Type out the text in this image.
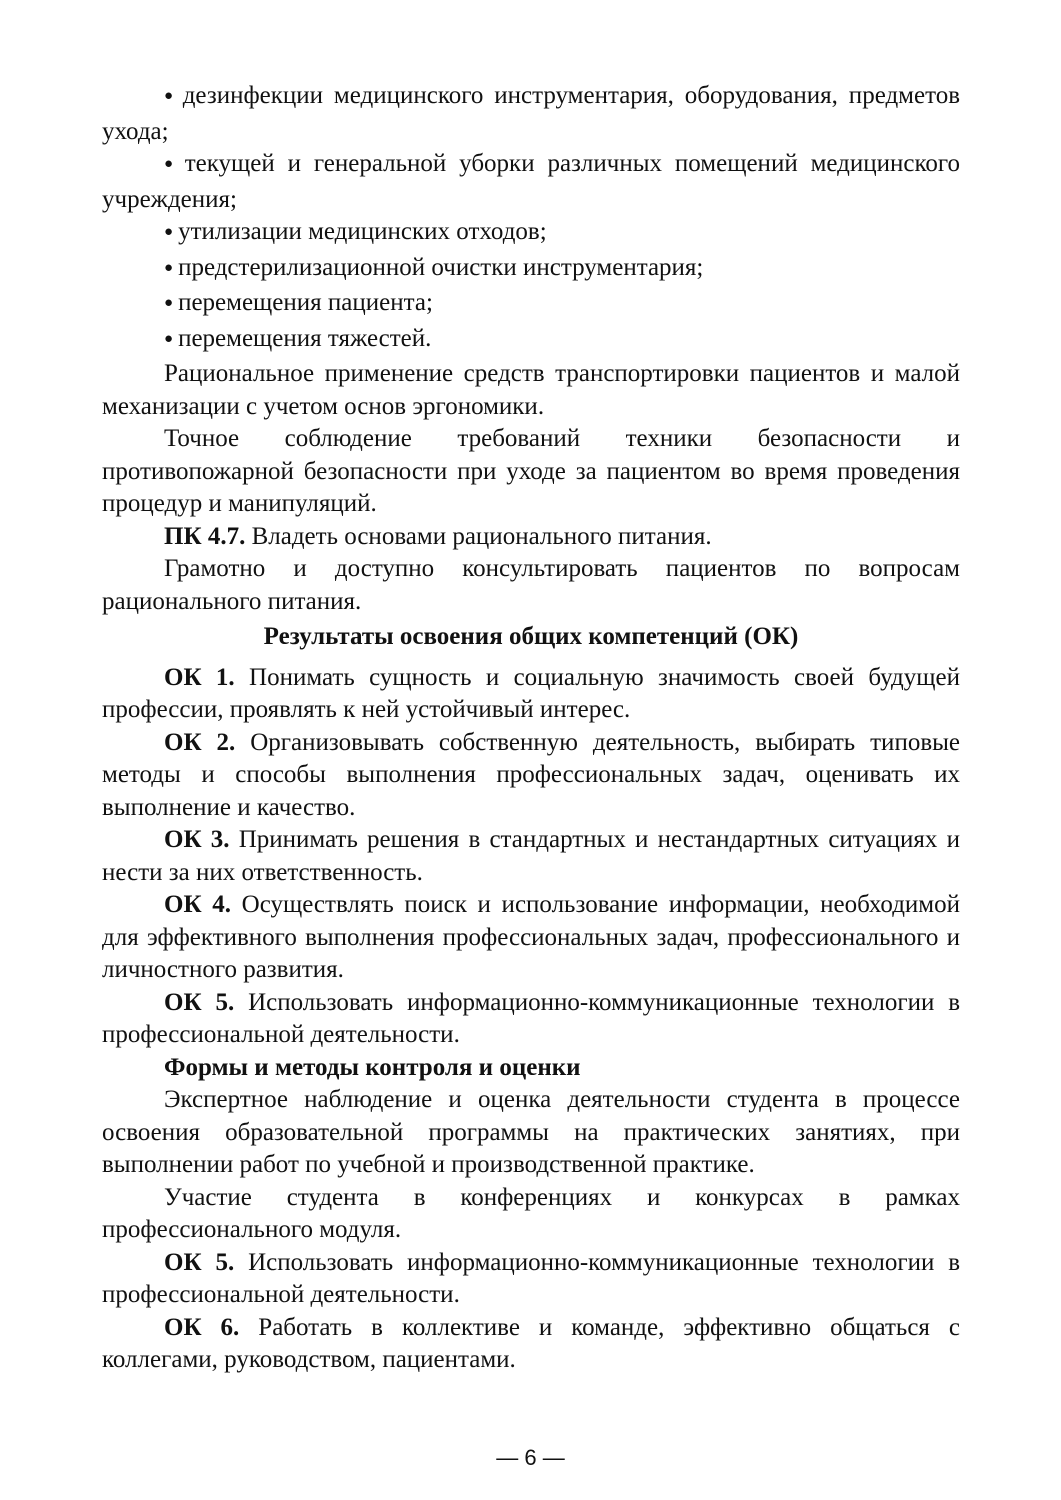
● дезинфекции медицинского инструментария, оборудования, предметов ухода;

● текущей и генеральной уборки различных помещений медицинского учреждения;

● утилизации медицинских отходов;

● предстерилизационной очистки инструментария;

● перемещения пациента;

● перемещения тяжестей.

Рациональное применение средств транспортировки пациентов и малой механизации с учетом основ эргономики.

Точное соблюдение требований техники безопасности и противопожарной безопасности при уходе за пациентом во время проведения процедур и манипуляций.

ПК 4.7. Владеть основами рационального питания.

Грамотно и доступно консультировать пациентов по вопросам рационального питания.

Результаты освоения общих компетенций (ОК)

ОК 1. Понимать сущность и социальную значимость своей будущей профессии, проявлять к ней устойчивый интерес.

ОК 2. Организовывать собственную деятельность, выбирать типовые методы и способы выполнения профессиональных задач, оценивать их выполнение и качество.

ОК 3. Принимать решения в стандартных и нестандартных ситуациях и нести за них ответственность.

ОК 4. Осуществлять поиск и использование информации, необходимой для эффективного выполнения профессиональных задач, профессионального и личностного развития.

ОК 5. Использовать информационно-коммуникационные технологии в профессиональной деятельности.

Формы и методы контроля и оценки

Экспертное наблюдение и оценка деятельности студента в процессе освоения образовательной программы на практических занятиях, при выполнении работ по учебной и производственной практике.

Участие студента в конференциях и конкурсах в рамках профессионального модуля.

ОК 5. Использовать информационно-коммуникационные технологии в профессиональной деятельности.

ОК 6. Работать в коллективе и команде, эффективно общаться с коллегами, руководством, пациентами.

— 6 —
